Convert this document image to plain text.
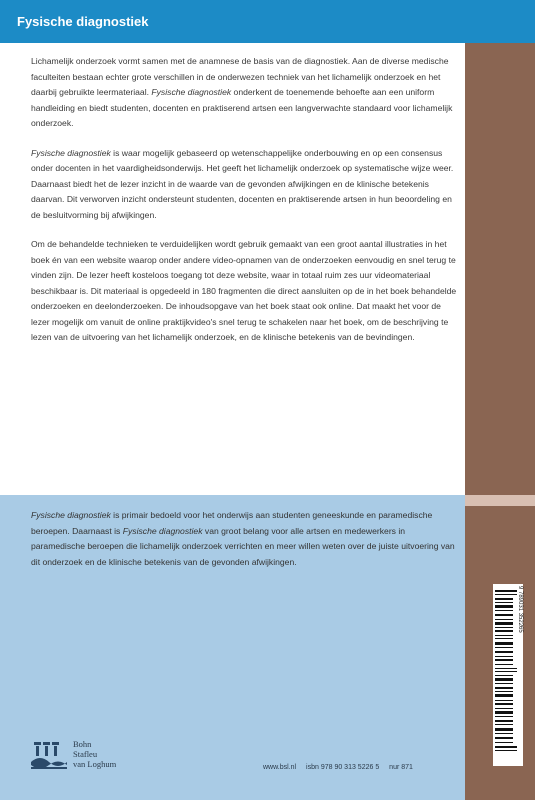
Fysische diagnostiek

Lichamelijk onderzoek vormt samen met de anamnese de basis van de diagnostiek. Aan de diverse medische faculteiten bestaan echter grote verschillen in de onderwezen techniek van het lichamelijk onderzoek en het daarbij gebruikte leermateriaal. Fysische diagnostiek onderkent de toenemende behoefte aan een uniform handleiding en biedt studenten, docenten en praktiserend artsen een langverwachte standaard voor lichamelijk onderzoek.

Fysische diagnostiek is waar mogelijk gebaseerd op wetenschappelijke onderbouwing en op een consensus onder docenten in het vaardigheidsonderwijs. Het geeft het lichamelijk onderzoek op systematische wijze weer. Daarnaast biedt het de lezer inzicht in de waarde van de gevonden afwijkingen en de klinische betekenis daarvan. Dit verworven inzicht ondersteunt studenten, docenten en praktiserende artsen in hun beoordeling en de besluitvorming bij afwijkingen.

Om de behandelde technieken te verduidelijken wordt gebruik gemaakt van een groot aantal illustraties in het boek én van een website waarop onder andere video-opnamen van de onderzoeken eenvoudig en snel terug te vinden zijn. De lezer heeft kosteloos toegang tot deze website, waar in totaal ruim zes uur videomateriaal beschikbaar is. Dit materiaal is opgedeeld in 180 fragmenten die direct aansluiten op de in het boek behandelde onderzoeken en deelonderzoeken. De inhoudsopgave van het boek staat ook online. Dat maakt het voor de lezer mogelijk om vanuit de online praktijkvideo's snel terug te schakelen naar het boek, om de beschrijving te lezen van de uitvoering van het lichamelijk onderzoek, en de klinische betekenis van de bevindingen.

Fysische diagnostiek is primair bedoeld voor het onderwijs aan studenten geneeskunde en paramedische beroepen. Daarnaast is Fysische diagnostiek van groot belang voor alle artsen en medewerkers in paramedische beroepen die lichamelijk onderzoek verrichten en meer willen weten over de juiste uitvoering van dit onderzoek en de klinische betekenis van de gevonden afwijkingen.

Bohn
Stafleu
van Loghum	www.bsl.nl isbn 978 90 313 5226 5 nur 871
9 789031 352265
